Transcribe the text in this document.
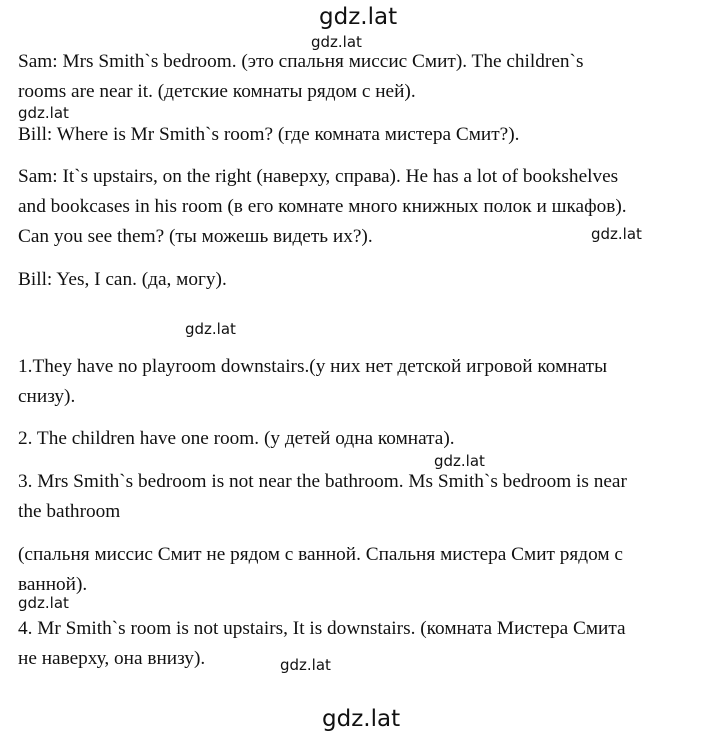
gdz.lat
gdz.lat
gdz.lat
gdz.lat
gdz.lat
gdz.lat
gdz.lat
gdz.lat
gdz.lat

Sam: Mrs Smith`s bedroom. (это спальня миссис Смит). The children`s
rooms are near it. (детские комнаты рядом с ней).

Bill: Where is Mr Smith`s room? (где комната мистера Смит?).

Sam: It`s upstairs, on the right (наверху, справа). He has a lot of bookshelves
and bookcases in his room (в его комнате много книжных полок и шкафов).
Can you see them? (ты можешь видеть их?).

Bill: Yes, I can. (да, могу).

1.They have no playroom downstairs.(у них нет детской игровой комнаты
снизу).

2. The children have one room. (у детей одна комната).

3. Mrs Smith`s bedroom is not near the bathroom. Ms Smith`s bedroom is near
the bathroom

(спальня миссис Смит не рядом с ванной. Спальня мистера Смит рядом с
ванной).

4. Mr Smith`s room is not upstairs, It is downstairs. (комната Мистера Смита
не наверху, она внизу).
